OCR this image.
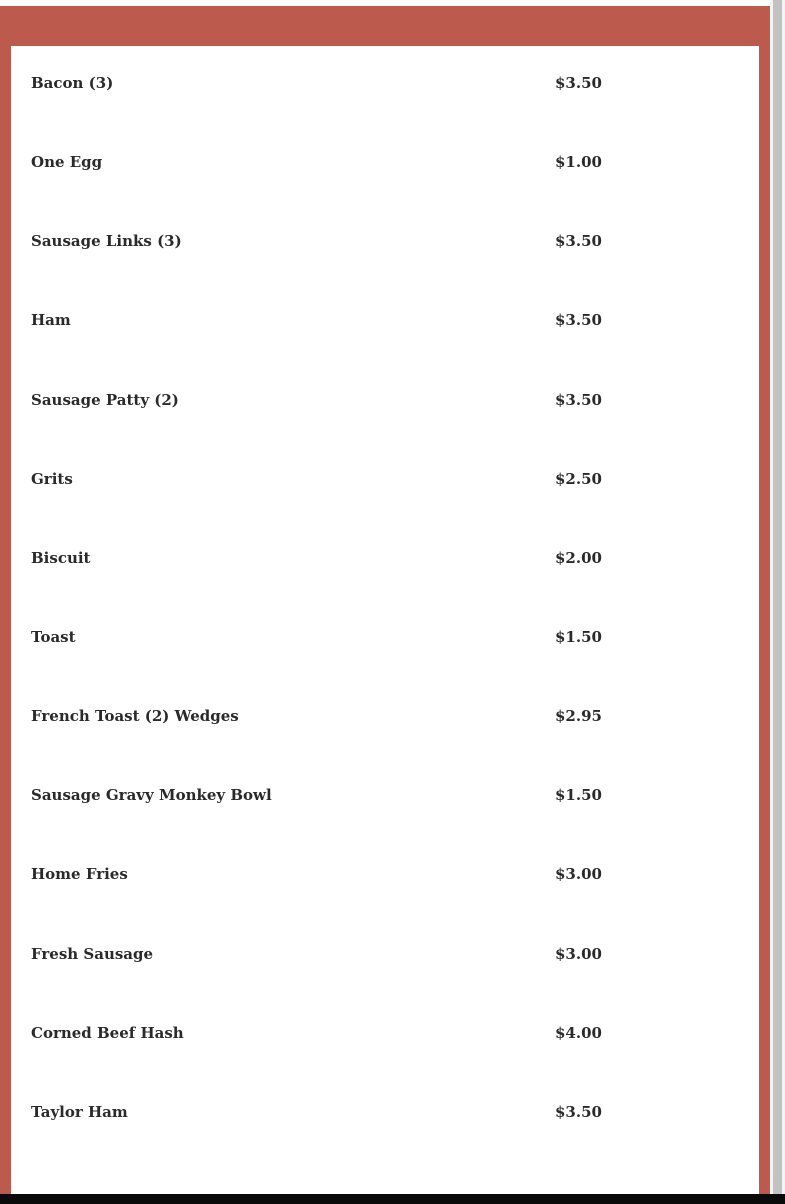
Bacon (3)	$3.50
One Egg	$1.00
Sausage Links (3)	$3.50
Ham	$3.50
Sausage Patty (2)	$3.50
Grits	$2.50
Biscuit	$2.00
Toast	$1.50
French Toast (2) Wedges	$2.95
Sausage Gravy Monkey Bowl	$1.50
Home Fries	$3.00
Fresh Sausage	$3.00
Corned Beef Hash	$4.00
Taylor Ham	$3.50
